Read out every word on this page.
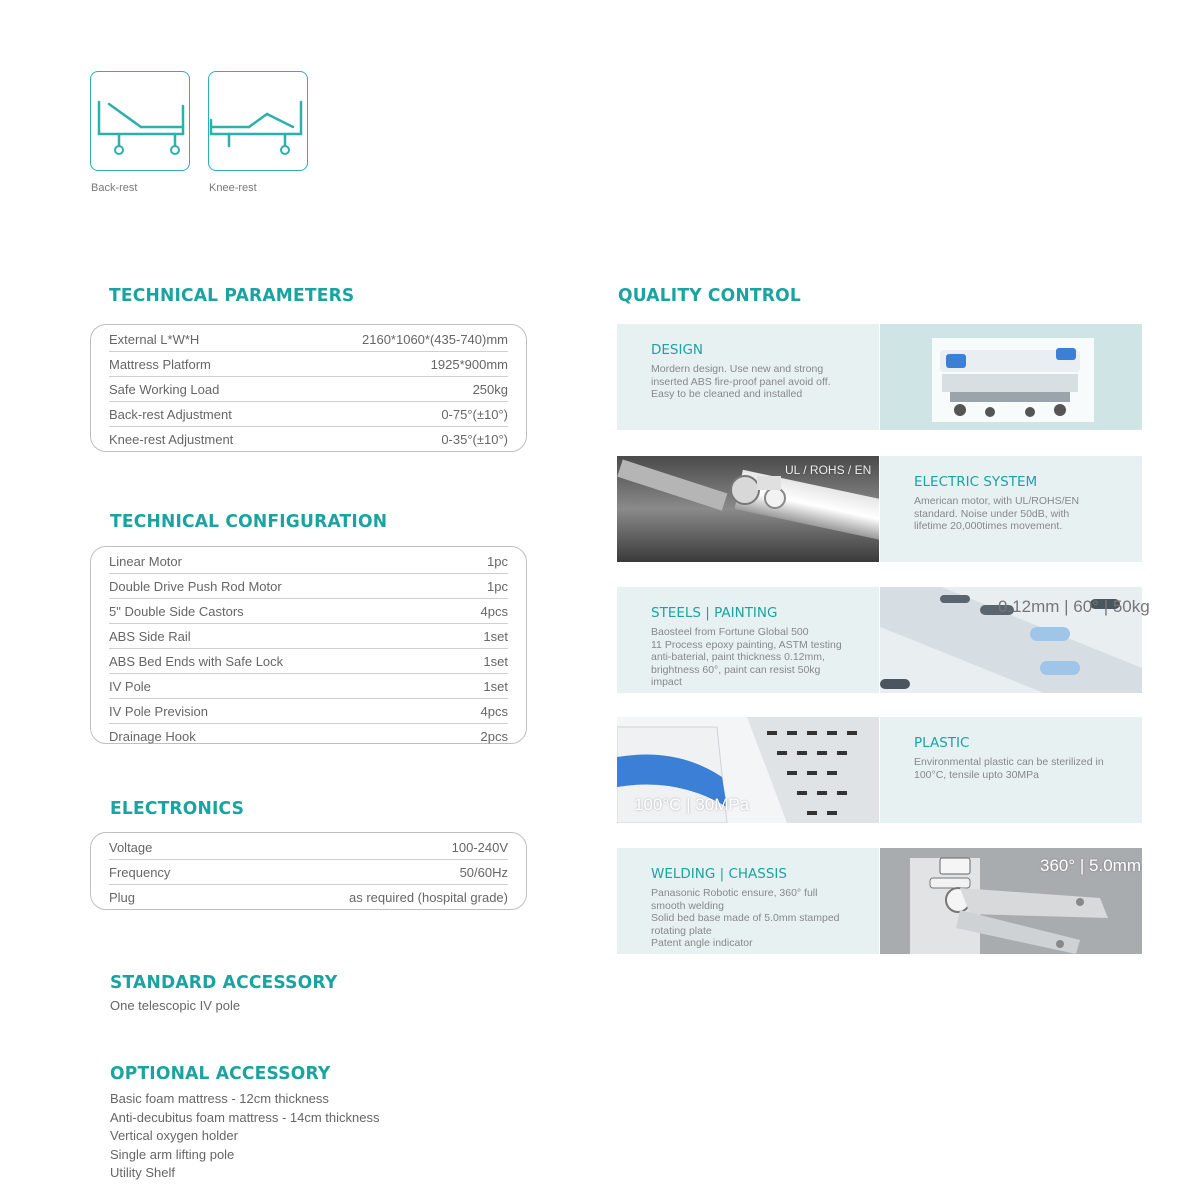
Back-rest	Knee-rest
TECHNICAL PARAMETERS
External L*W*H	2160*1060*(435-740)mm
Mattress Platform	1925*900mm
Safe Working Load	250kg
Back-rest Adjustment	0-75°(±10°)
Knee-rest Adjustment	0-35°(±10°)
TECHNICAL CONFIGURATION
Linear Motor	1pc
Double Drive Push Rod Motor	1pc
5" Double Side Castors	4pcs
ABS Side Rail	1set
ABS Bed Ends with Safe Lock	1set
IV Pole	1set
IV Pole Prevision	4pcs
Drainage Hook	2pcs
ELECTRONICS
Voltage	100-240V
Frequency	50/60Hz
Plug	as required (hospital grade)
STANDARD ACCESSORY
One telescopic IV pole
OPTIONAL ACCESSORY
Basic foam mattress - 12cm thickness
Anti-decubitus foam mattress - 14cm thickness
Vertical oxygen holder
Single arm lifting pole
Utility Shelf
QUALITY CONTROL
DESIGN
Mordern design. Use new and strong
inserted ABS fire-proof panel avoid off.
Easy to be cleaned and installed
UL / ROHS / EN
ELECTRIC SYSTEM
American motor, with UL/ROHS/EN
standard. Noise under 50dB, with
lifetime 20,000times movement.
STEELS | PAINTING
Baosteel from Fortune Global 500
11 Process epoxy painting, ASTM testing
anti-baterial, paint thickness 0.12mm,
brightness 60°, paint can resist 50kg
impact
0.12mm | 60° | 50kg
100°C | 30MPa
PLASTIC
Environmental plastic can be sterilized in
100°C, tensile upto 30MPa
WELDING | CHASSIS
Panasonic Robotic ensure, 360° full
smooth welding
Solid bed base made of 5.0mm stamped
rotating plate
Patent angle indicator
360° | 5.0mm
